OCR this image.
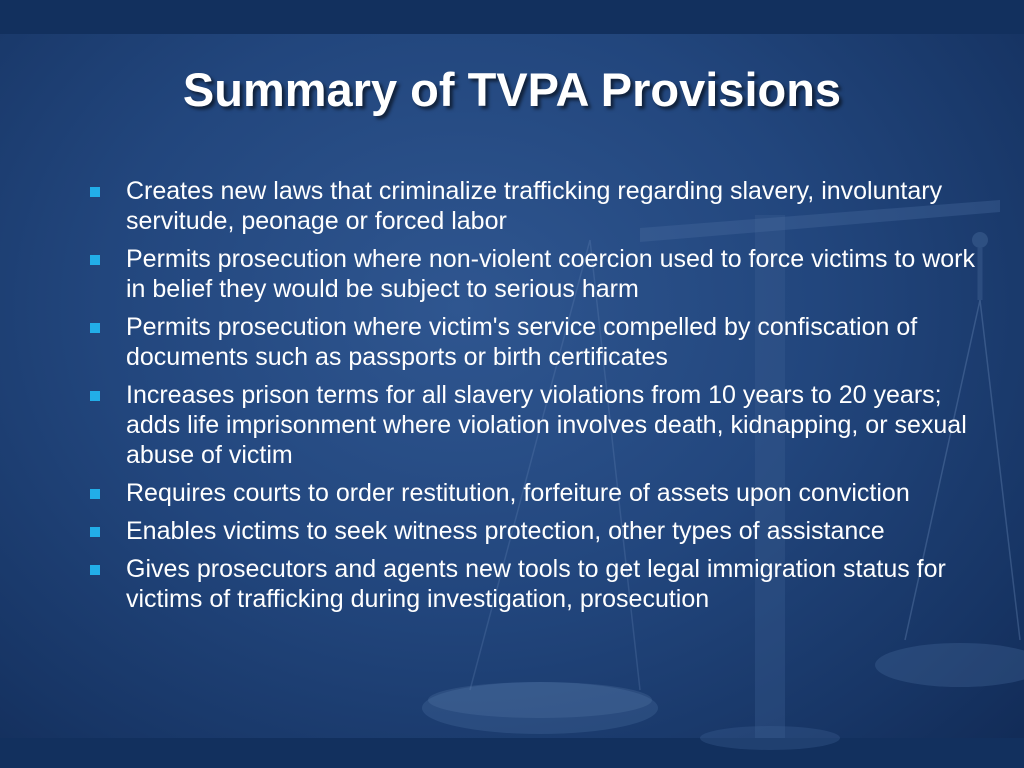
Summary of TVPA Provisions
Creates new laws that criminalize trafficking regarding slavery, involuntary servitude, peonage or forced labor
Permits prosecution where non-violent coercion used to force victims to work in belief they would be subject to serious harm
Permits prosecution where victim's service compelled by confiscation of documents such as passports or birth certificates
Increases prison terms for all slavery violations from 10 years to 20 years; adds life imprisonment where violation involves death, kidnapping, or sexual abuse of victim
Requires courts to order restitution, forfeiture of assets upon conviction
Enables victims to seek witness protection, other types of assistance
Gives prosecutors and agents new tools to get legal immigration status for victims of trafficking during investigation, prosecution
